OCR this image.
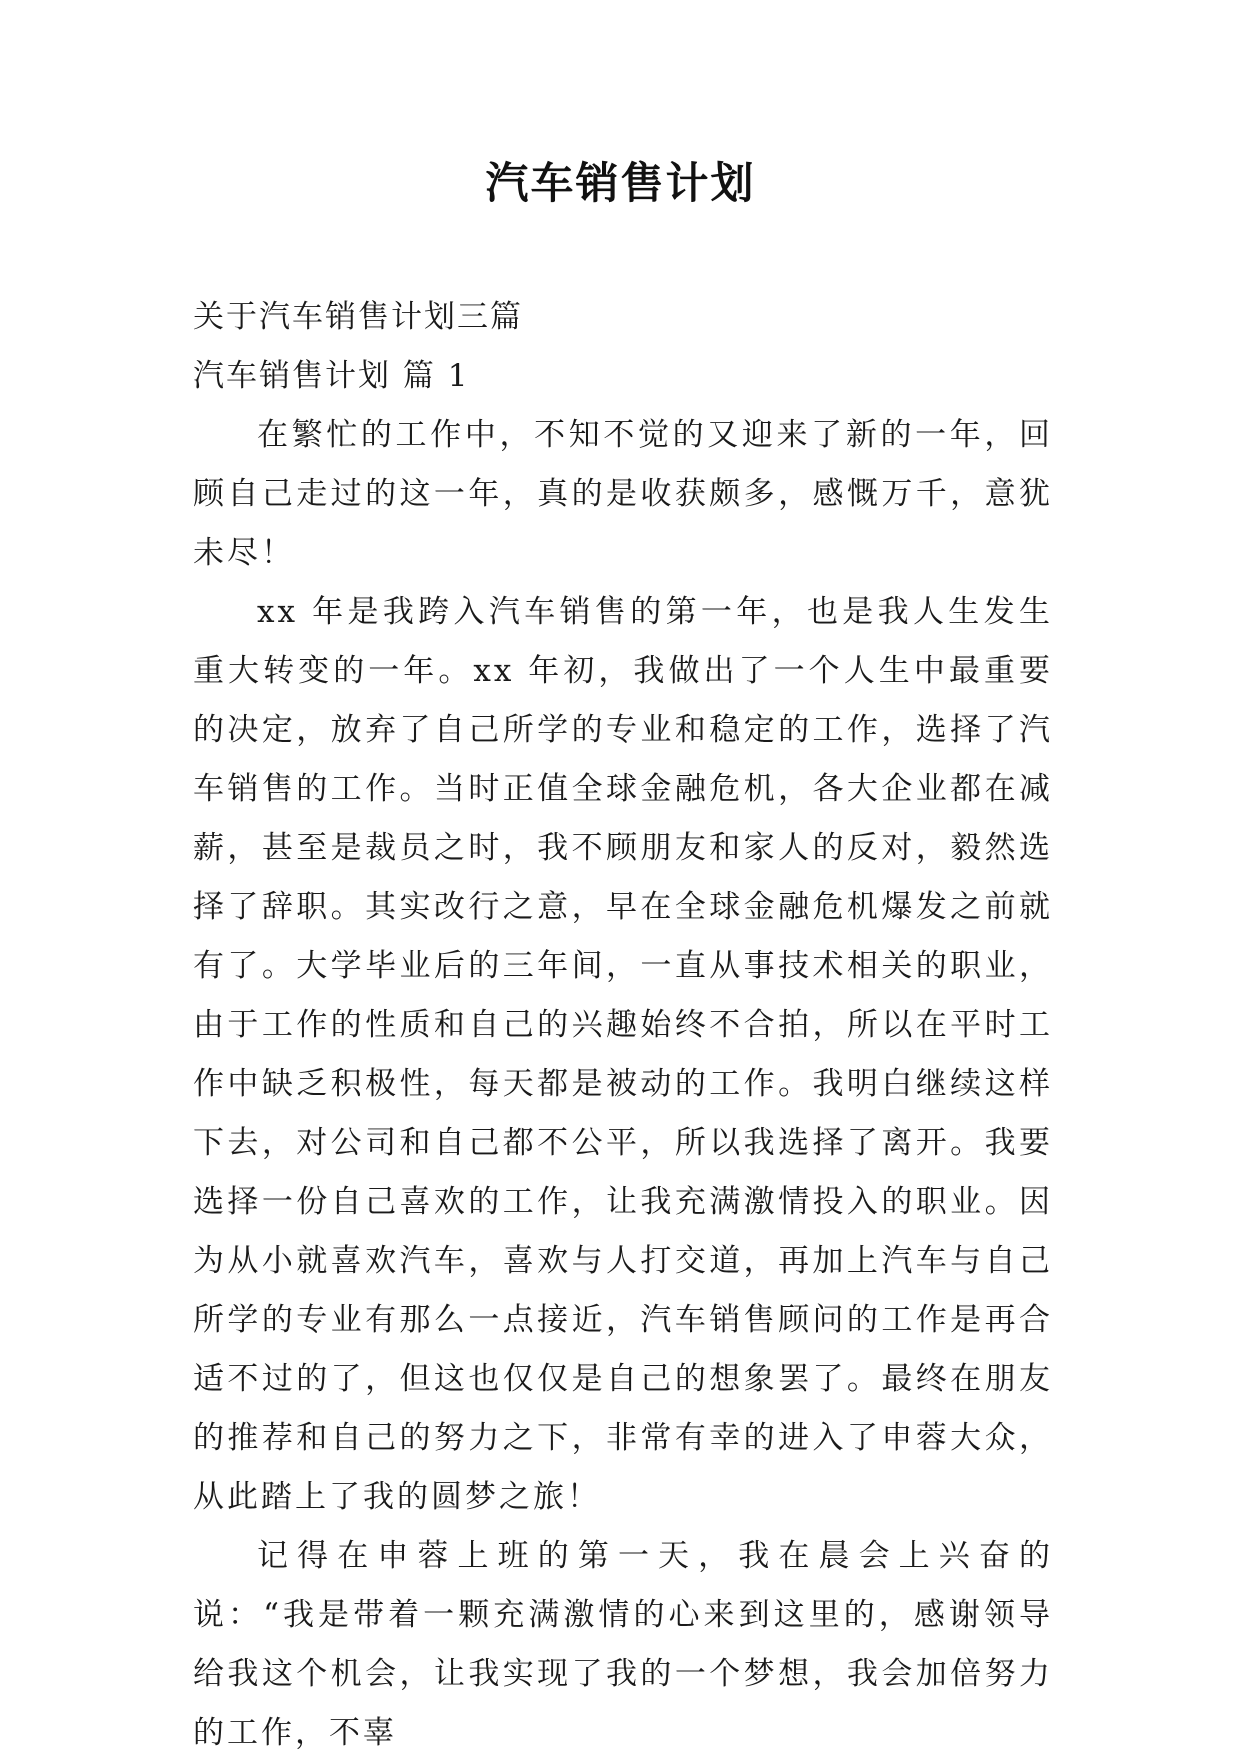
汽车销售计划

关于汽车销售计划三篇

汽车销售计划 篇 1

在繁忙的工作中，不知不觉的又迎来了新的一年，回顾自己走过的这一年，真的是收获颇多，感慨万千，意犹未尽！

xx 年是我跨入汽车销售的第一年，也是我人生发生重大转变的一年。xx 年初，我做出了一个人生中最重要的决定，放弃了自己所学的专业和稳定的工作，选择了汽车销售的工作。当时正值全球金融危机，各大企业都在减薪，甚至是裁员之时，我不顾朋友和家人的反对，毅然选择了辞职。其实改行之意，早在全球金融危机爆发之前就有了。大学毕业后的三年间，一直从事技术相关的职业，由于工作的性质和自己的兴趣始终不合拍，所以在平时工作中缺乏积极性，每天都是被动的工作。我明白继续这样下去，对公司和自己都不公平，所以我选择了离开。我要选择一份自己喜欢的工作，让我充满激情投入的职业。因为从小就喜欢汽车，喜欢与人打交道，再加上汽车与自己所学的专业有那么一点接近，汽车销售顾问的工作是再合适不过的了，但这也仅仅是自己的想象罢了。最终在朋友的推荐和自己的努力之下，非常有幸的进入了申蓉大众，从此踏上了我的圆梦之旅！

记得在申蓉上班的第一天，我在晨会上兴奋的说：“我是带着一颗充满激情的心来到这里的，感谢领导给我这个机会，让我实现了我的一个梦想，我会加倍努力的工作，不辜
